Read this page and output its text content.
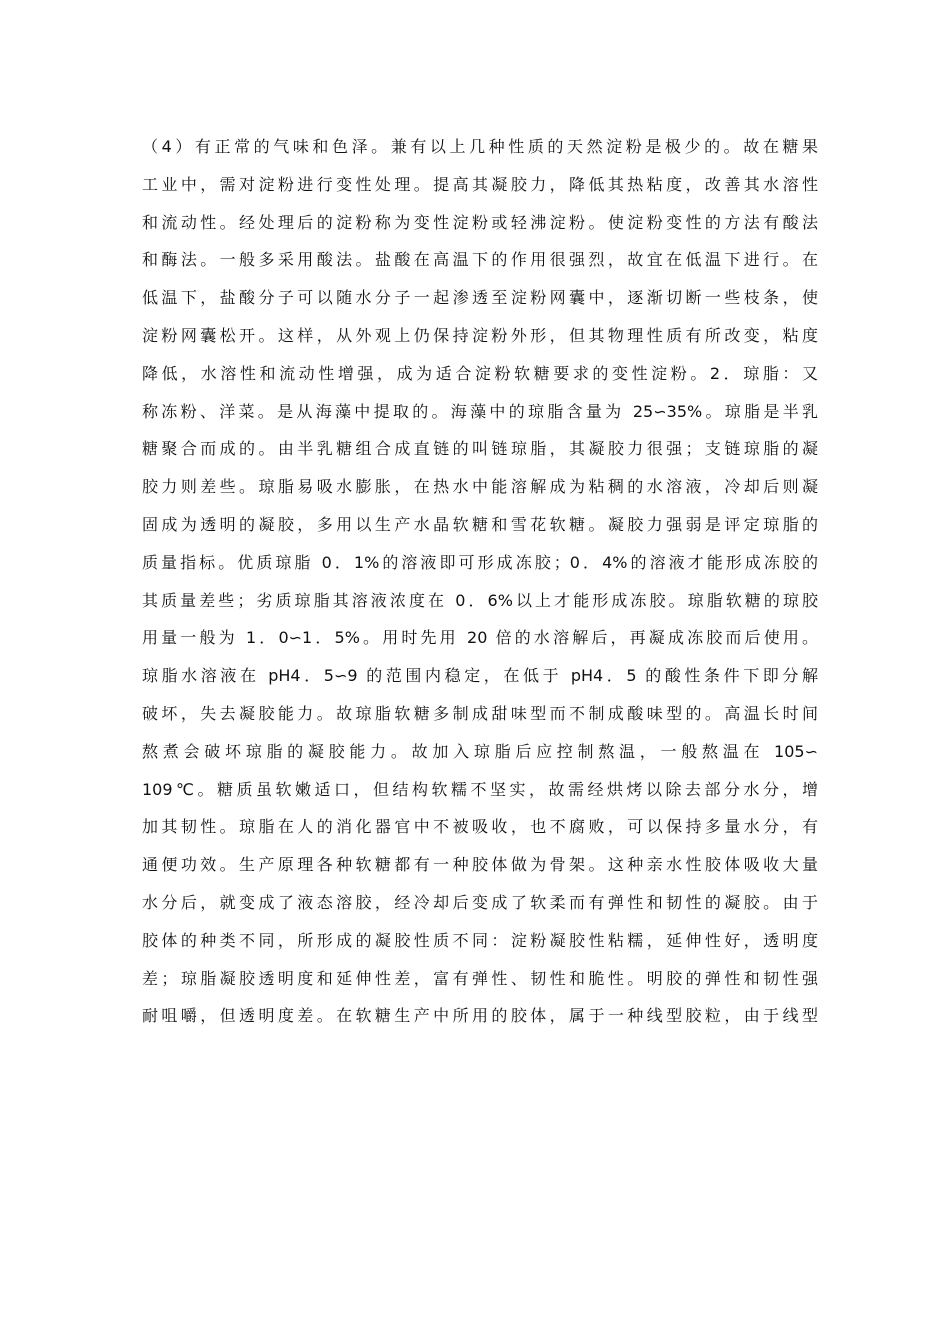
（4）有正常的气味和色泽。兼有以上几种性质的天然淀粉是极少的。故在糖果
工业中，需对淀粉进行变性处理。提高其凝胶力，降低其热粘度，改善其水溶性
和流动性。经处理后的淀粉称为变性淀粉或轻沸淀粉。使淀粉变性的方法有酸法
和酶法。一般多采用酸法。盐酸在高温下的作用很强烈，故宜在低温下进行。在
低温下，盐酸分子可以随水分子一起渗透至淀粉网囊中，逐渐切断一些枝条，使
淀粉网囊松开。这样，从外观上仍保持淀粉外形，但其物理性质有所改变，粘度
降低，水溶性和流动性增强，成为适合淀粉软糖要求的变性淀粉。2．琼脂：又
称冻粉、洋菜。是从海藻中提取的。海藻中的琼脂含量为 25∽35%。琼脂是半乳
糖聚合而成的。由半乳糖组合成直链的叫链琼脂，其凝胶力很强；支链琼脂的凝
胶力则差些。琼脂易吸水膨胀，在热水中能溶解成为粘稠的水溶液，冷却后则凝
固成为透明的凝胶，多用以生产水晶软糖和雪花软糖。凝胶力强弱是评定琼脂的
质量指标。优质琼脂 0．1%的溶液即可形成冻胶；0．4%的溶液才能形成冻胶的
其质量差些；劣质琼脂其溶液浓度在 0．6%以上才能形成冻胶。琼脂软糖的琼胶
用量一般为 1．0∽1．5%。用时先用 20 倍的水溶解后，再凝成冻胶而后使用。
琼脂水溶液在 pH4．5∽9 的范围内稳定，在低于 pH4．5 的酸性条件下即分解
破坏，失去凝胶能力。故琼脂软糖多制成甜味型而不制成酸味型的。高温长时间
熬煮会破坏琼脂的凝胶能力。故加入琼脂后应控制熬温，一般熬温在 105∽
109℃。糖质虽软嫩适口，但结构软糯不坚实，故需经烘烤以除去部分水分，增
加其韧性。琼脂在人的消化器官中不被吸收，也不腐败，可以保持多量水分，有
通便功效。生产原理各种软糖都有一种胶体做为骨架。这种亲水性胶体吸收大量
水分后，就变成了液态溶胶，经冷却后变成了软柔而有弹性和韧性的凝胶。由于
胶体的种类不同，所形成的凝胶性质不同：淀粉凝胶性粘糯，延伸性好，透明度
差；琼脂凝胶透明度和延伸性差，富有弹性、韧性和脆性。明胶的弹性和韧性强
耐咀嚼，但透明度差。在软糖生产中所用的胶体，属于一种线型胶粒，由于线型
